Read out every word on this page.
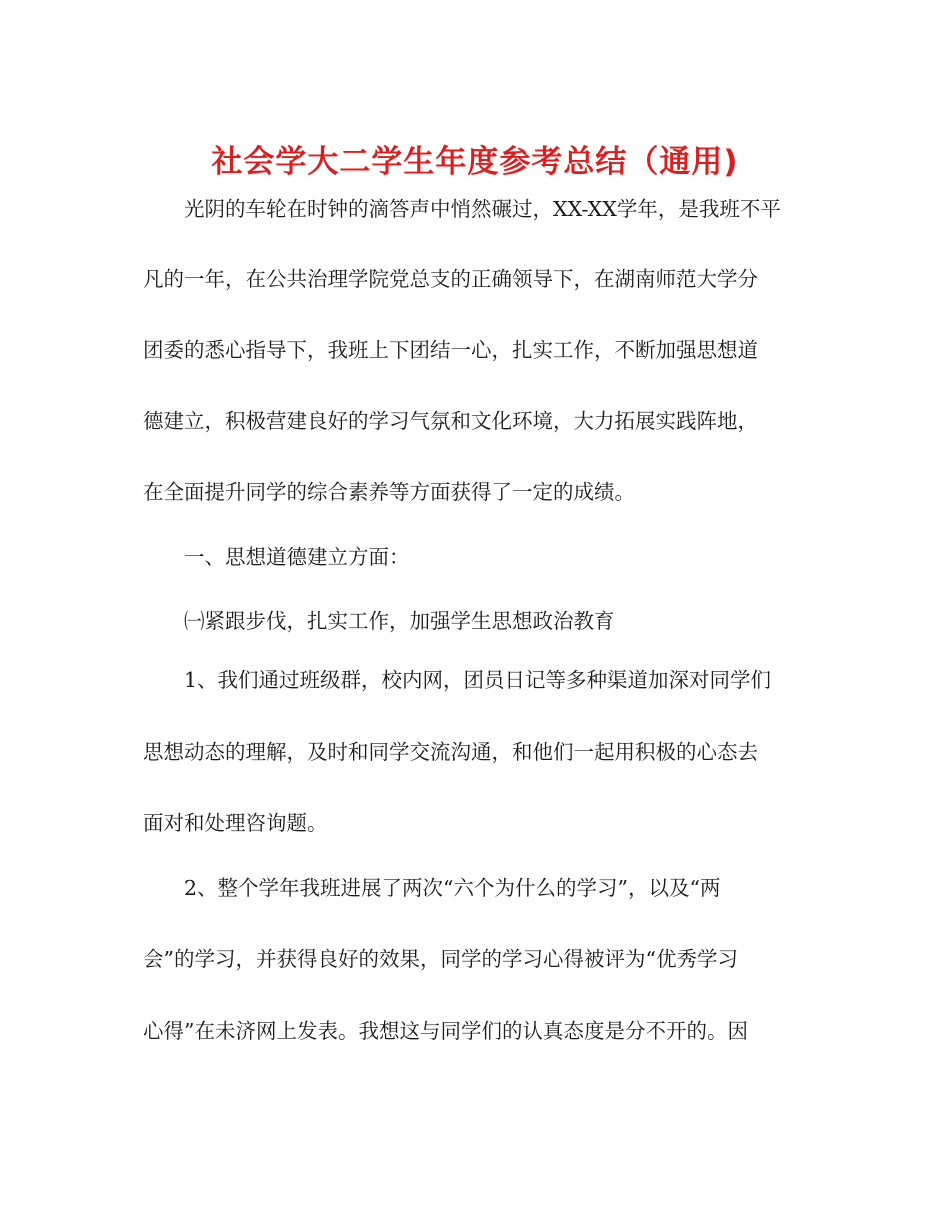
社会学大二学生年度参考总结（通用)
光阴的车轮在时钟的滴答声中悄然碾过，XX-XX学年，是我班不平
凡的一年，在公共治理学院党总支的正确领导下，在湖南师范大学分
团委的悉心指导下，我班上下团结一心，扎实工作，不断加强思想道
德建立，积极营建良好的学习气氛和文化环境，大力拓展实践阵地，
在全面提升同学的综合素养等方面获得了一定的成绩。
一、思想道德建立方面：
㈠紧跟步伐，扎实工作，加强学生思想政治教育
1、我们通过班级群，校内网，团员日记等多种渠道加深对同学们
思想动态的理解，及时和同学交流沟通，和他们一起用积极的心态去
面对和处理咨询题。
2、整个学年我班进展了两次“六个为什么的学习”，以及“两
会”的学习，并获得良好的效果，同学的学习心得被评为“优秀学习
心得”在未济网上发表。我想这与同学们的认真态度是分不开的。因
